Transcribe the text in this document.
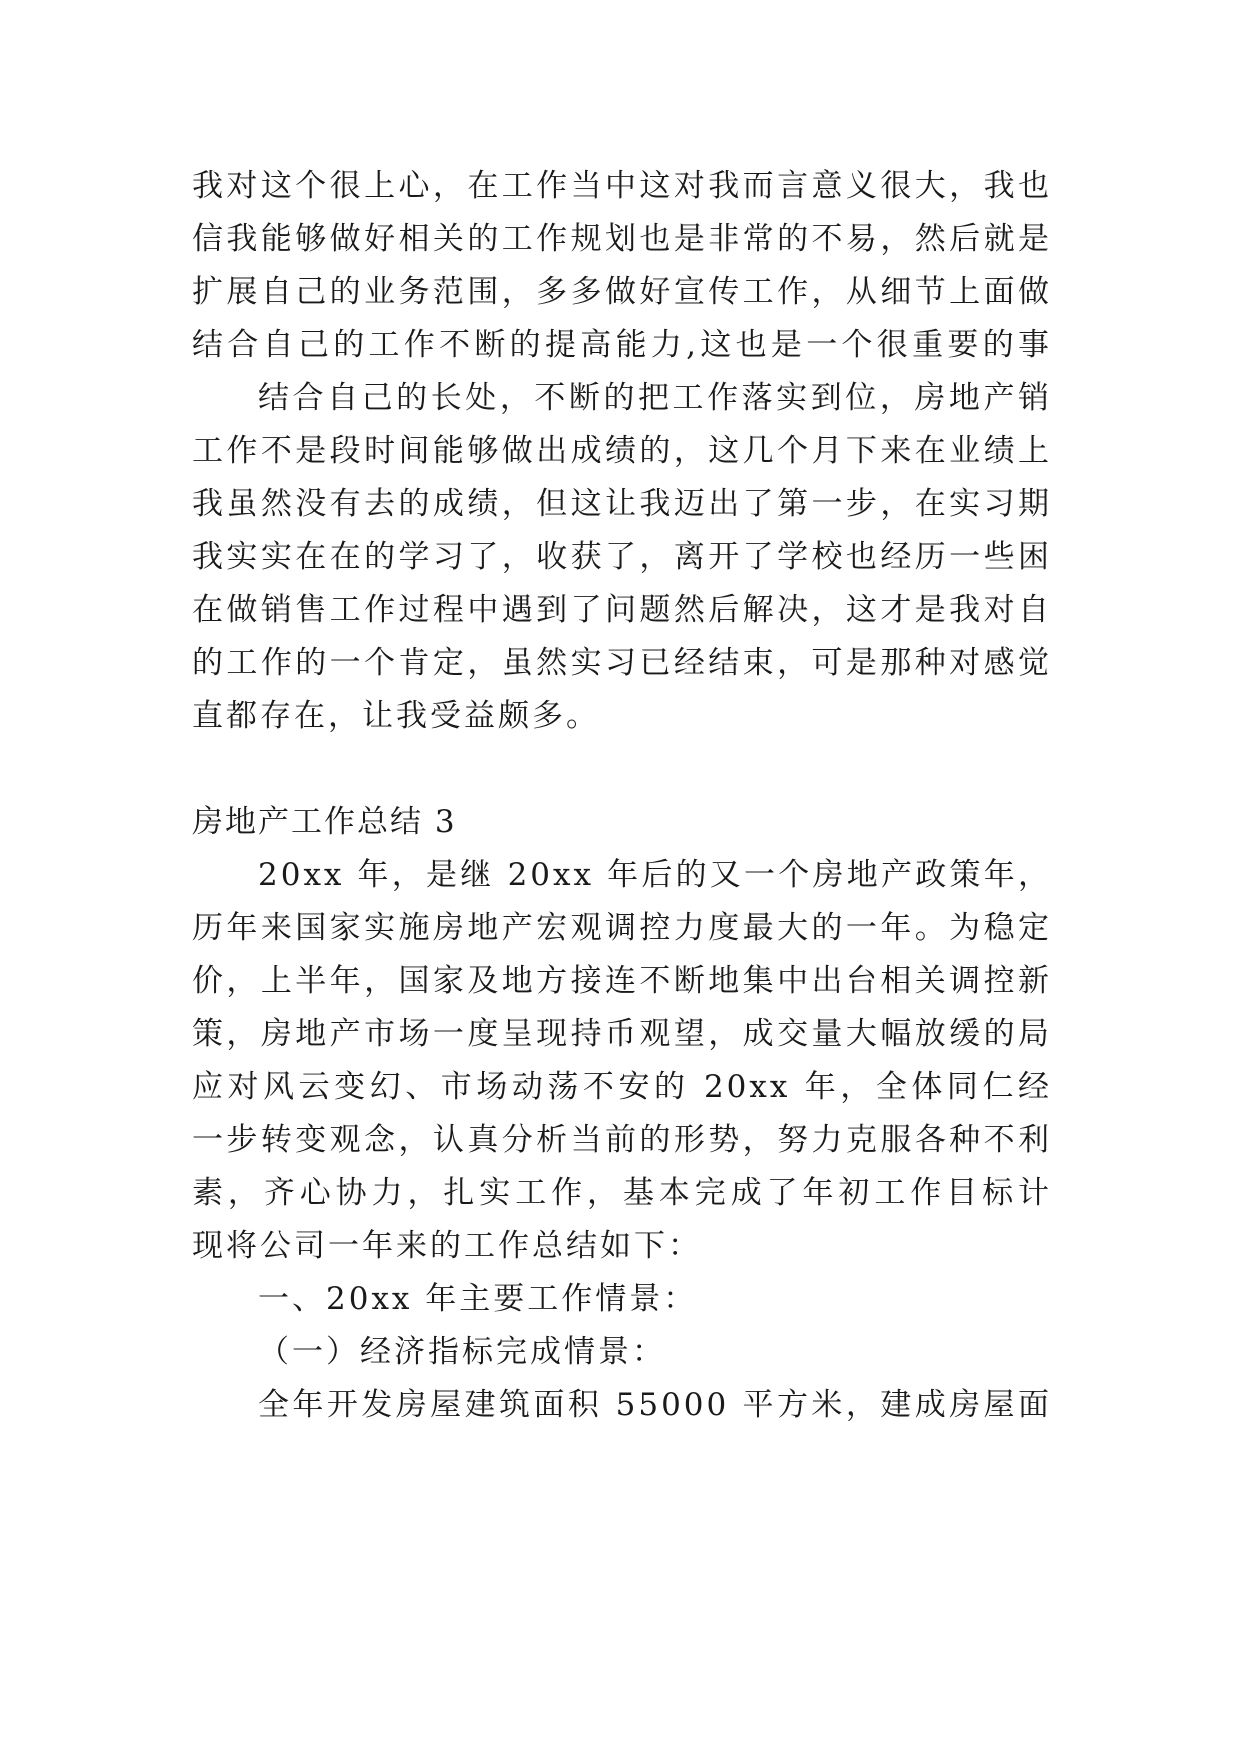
我对这个很上心，在工作当中这对我而言意义很大，我也
信我能够做好相关的工作规划也是非常的不易，然后就是
扩展自己的业务范围，多多做好宣传工作，从细节上面做
结合自己的工作不断的提高能力,这也是一个很重要的事
结合自己的长处，不断的把工作落实到位，房地产销
工作不是段时间能够做出成绩的，这几个月下来在业绩上
我虽然没有去的成绩，但这让我迈出了第一步，在实习期
我实实在在的学习了，收获了，离开了学校也经历一些困
在做销售工作过程中遇到了问题然后解决，这才是我对自
的工作的一个肯定，虽然实习已经结束，可是那种对感觉
直都存在，让我受益颇多。
房地产工作总结 3
20xx 年，是继 20xx 年后的又一个房地产政策年，
历年来国家实施房地产宏观调控力度最大的一年。为稳定
价，上半年，国家及地方接连不断地集中出台相关调控新
策，房地产市场一度呈现持币观望，成交量大幅放缓的局
应对风云变幻、市场动荡不安的 20xx 年，全体同仁经
一步转变观念，认真分析当前的形势，努力克服各种不利
素，齐心协力，扎实工作，基本完成了年初工作目标计
现将公司一年来的工作总结如下：
一、20xx 年主要工作情景：
（一）经济指标完成情景：
全年开发房屋建筑面积 55000 平方米，建成房屋面
